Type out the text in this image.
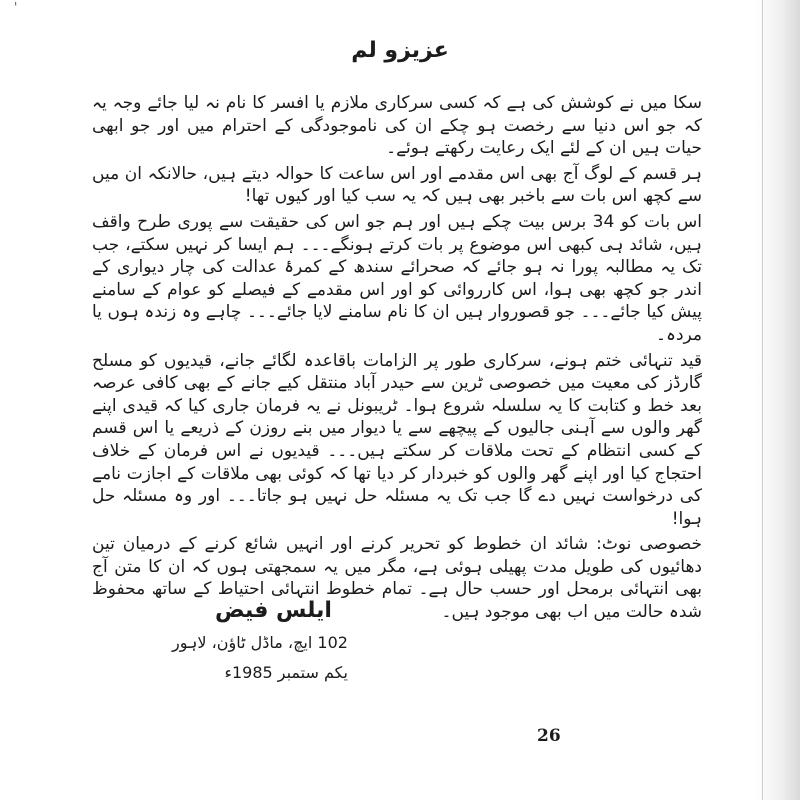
'
عزیزو لم

سکا میں نے کوشش کی ہے کہ کسی سرکاری ملازم یا افسر کا نام نہ لیا جائے وجہ یہ کہ جو اس دنیا سے رخصت ہو چکے ان کی ناموجودگی کے احترام میں اور جو ابھی حیات ہیں ان کے لئے ایک رعایت رکھتے ہوئے۔

ہر قسم کے لوگ آج بھی اس مقدمے اور اس ساعت کا حوالہ دیتے ہیں، حالانکہ ان میں سے کچھ اس بات سے باخبر بھی ہیں کہ یہ سب کیا اور کیوں تھا!

اس بات کو 34 برس بیت چکے ہیں اور ہم جو اس کی حقیقت سے پوری طرح واقف ہیں، شائد ہی کبھی اس موضوع پر بات کرتے ہونگے۔۔۔ ہم ایسا کر نہیں سکتے، جب تک یہ مطالبہ پورا نہ ہو جائے کہ صحرائے سندھ کے کمرۂ عدالت کی چار دیواری کے اندر جو کچھ بھی ہوا، اس کارروائی کو اور اس مقدمے کے فیصلے کو عوام کے سامنے پیش کیا جائے۔۔۔ جو قصوروار ہیں ان کا نام سامنے لایا جائے۔۔۔ چاہے وہ زندہ ہوں یا مردہ۔

قید تنہائی ختم ہونے، سرکاری طور پر الزامات باقاعدہ لگائے جانے، قیدیوں کو مسلح گارڈز کی معیت میں خصوصی ٹرین سے حیدر آباد منتقل کیے جانے کے بھی کافی عرصہ بعد خط و کتابت کا یہ سلسلہ شروع ہوا۔ ٹریبونل نے یہ فرمان جاری کیا کہ قیدی اپنے گھر والوں سے آہنی جالیوں کے پیچھے سے یا دیوار میں بنے روزن کے ذریعے یا اس قسم کے کسی انتظام کے تحت ملاقات کر سکتے ہیں۔۔۔ قیدیوں نے اس فرمان کے خلاف احتجاج کیا اور اپنے گھر والوں کو خبردار کر دیا تھا کہ کوئی بھی ملاقات کے اجازت نامے کی درخواست نہیں دے گا جب تک یہ مسئلہ حل نہیں ہو جاتا۔۔۔ اور وہ مسئلہ حل ہوا!

خصوصی نوٹ: شائد ان خطوط کو تحریر کرنے اور انہیں شائع کرنے کے درمیان تین دھائیوں کی طویل مدت پھیلی ہوئی ہے، مگر میں یہ سمجھتی ہوں کہ ان کا متن آج بھی انتہائی برمحل اور حسب حال ہے۔ تمام خطوط انتہائی احتیاط کے ساتھ محفوظ شدہ حالت میں اب بھی موجود ہیں۔

ایلس فیض
102 ایچ، ماڈل ٹاؤن، لاہور
یکم ستمبر 1985ء
26
